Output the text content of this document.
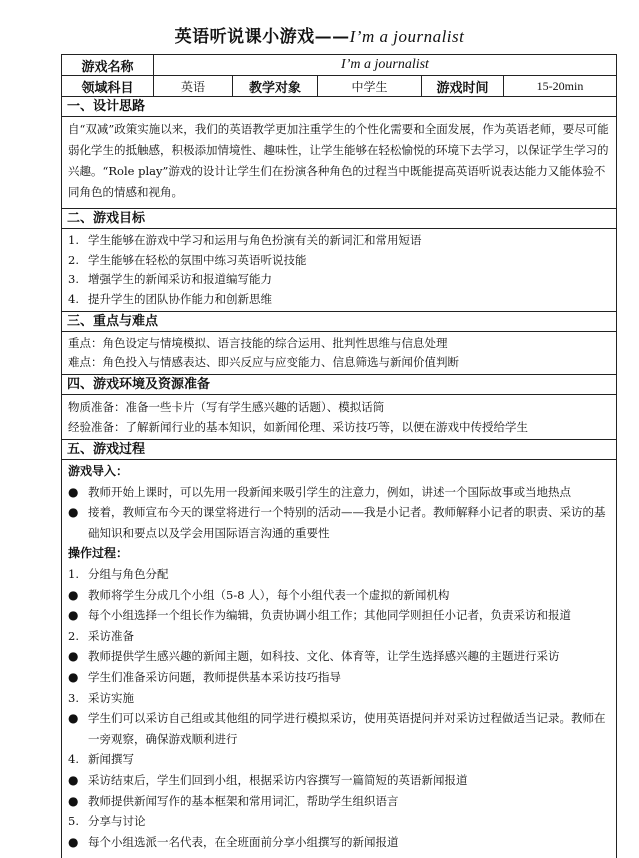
英语听说课小游戏——I’m a journalist
游戏名称	I’m a journalist
领域科目	英语	教学对象	中学生	游戏时间	15-20min
一、设计思路

自“双减”政策实施以来，我们的英语教学更加注重学生的个性化需要和全面发展，作为英语老师，要尽可能弱化学生的抵触感，积极添加情境性、趣味性，让学生能够在轻松愉悦的环境下去学习，以保证学生学习的兴趣。“Role play”游戏的设计让学生们在扮演各种角色的过程当中既能提高英语听说表达能力又能体验不同角色的情感和视角。

二、游戏目标
1. 学生能够在游戏中学习和运用与角色扮演有关的新词汇和常用短语
2. 学生能够在轻松的氛围中练习英语听说技能
3. 增强学生的新闻采访和报道编写能力
4. 提升学生的团队协作能力和创新思维
三、重点与难点

重点：角色设定与情境模拟、语言技能的综合运用、批判性思维与信息处理

难点：角色投入与情感表达、即兴反应与应变能力、信息筛选与新闻价值判断

四、游戏环境及资源准备

物质准备：准备一些卡片（写有学生感兴趣的话题）、模拟话筒

经验准备：了解新闻行业的基本知识，如新闻伦理、采访技巧等，以便在游戏中传授给学生

五、游戏过程

游戏导入：

● 教师开始上课时，可以先用一段新闻来吸引学生的注意力，例如，讲述一个国际故事或当地热点
● 接着，教师宣布今天的课堂将进行一个特别的活动——我是小记者。教师解释小记者的职责、采访的基础知识和要点以及学会用国际语言沟通的重要性

操作过程：

1. 分组与角色分配
● 教师将学生分成几个小组（5-8 人），每个小组代表一个虚拟的新闻机构
● 每个小组选择一个组长作为编辑，负责协调小组工作；其他同学则担任小记者，负责采访和报道
2. 采访准备
● 教师提供学生感兴趣的新闻主题，如科技、文化、体育等，让学生选择感兴趣的主题进行采访
● 学生们准备采访问题，教师提供基本采访技巧指导
3. 采访实施
● 学生们可以采访自己组或其他组的同学进行模拟采访，使用英语提问并对采访过程做适当记录。教师在一旁观察，确保游戏顺利进行
4. 新闻撰写
● 采访结束后，学生们回到小组，根据采访内容撰写一篇简短的英语新闻报道
● 教师提供新闻写作的基本框架和常用词汇，帮助学生组织语言
5. 分享与讨论
● 每个小组选派一名代表，在全班面前分享小组撰写的新闻报道
